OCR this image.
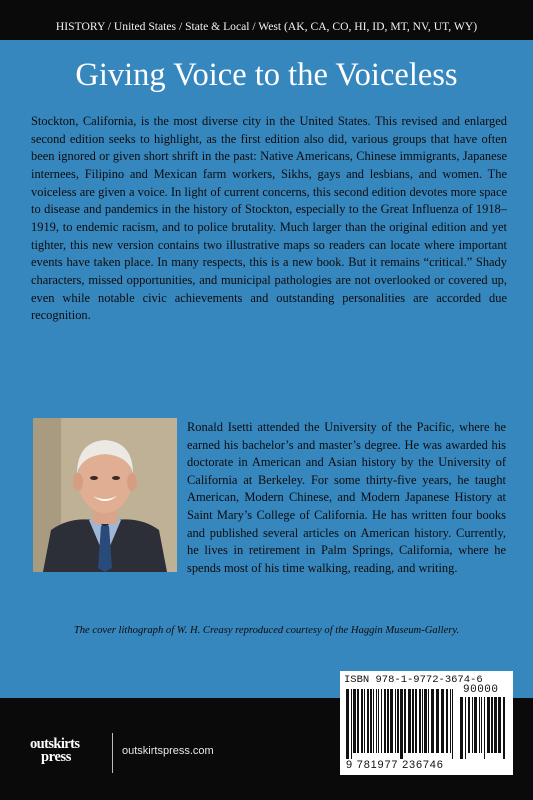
HISTORY / United States / State & Local / West (AK, CA, CO, HI, ID, MT, NV, UT, WY)
Giving Voice to the Voiceless

Stockton, California, is the most diverse city in the United States. This revised and enlarged second edition seeks to highlight, as the first edition also did, various groups that have often been ignored or given short shrift in the past: Native Americans, Chinese immigrants, Japanese internees, Filipino and Mexican farm workers, Sikhs, gays and lesbians, and women. The voiceless are given a voice. In light of current concerns, this second edition devotes more space to disease and pandemics in the history of Stockton, especially to the Great Influenza of 1918–1919, to endemic racism, and to police brutality. Much larger than the original edition and yet tighter, this new version contains two illustrative maps so readers can locate where important events have taken place. In many respects, this is a new book. But it remains “critical.” Shady characters, missed opportunities, and municipal pathologies are not overlooked or covered up, even while notable civic achievements and outstanding personalities are accorded due recognition.

Ronald Isetti attended the University of the Pacific, where he earned his bachelor’s and master’s degree. He was awarded his doctorate in American and Asian history by the University of California at Berkeley. For some thirty-five years, he taught American, Modern Chinese, and Modern Japanese History at Saint Mary’s College of California. He has written four books and published several articles on American history. Currently, he lives in retirement in Palm Springs, California, where he spends most of his time walking, reading, and writing.

The cover lithograph of W. H. Creasy reproduced courtesy of the Haggin Museum-Gallery.
outskirts
press	outskirtspress.com
ISBN 978-1-9772-3674-6
90000
9 781977 236746
